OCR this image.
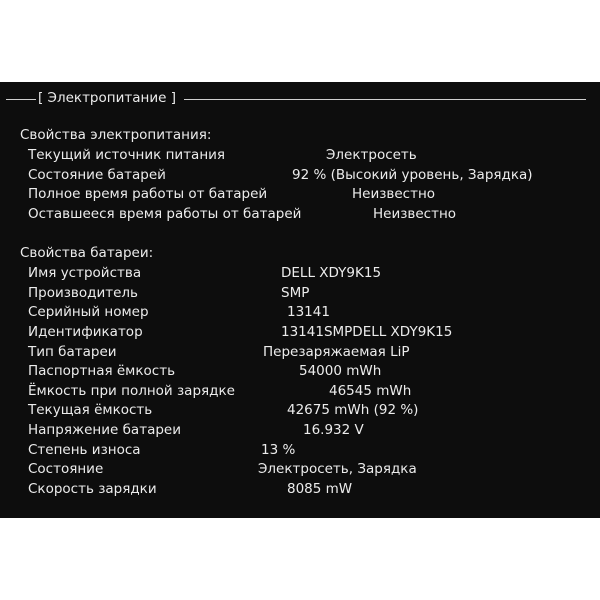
[ Электропитание ]
Свойства электропитания:
Текущий источник питания	Электросеть
Состояние батарей	92 % (Высокий уровень, Зарядка)
Полное время работы от батарей	Неизвестно
Оставшееся время работы от батарей	Неизвестно
Свойства батареи:
Имя устройства	DELL XDY9K15
Производитель	SMP
Серийный номер	13141
Идентификатор	13141SMPDELL XDY9K15
Тип батареи	Перезаряжаемая LiP
Паспортная ёмкость	54000 mWh
Ёмкость при полной зарядке	46545 mWh
Текущая ёмкость	42675 mWh (92 %)
Напряжение батареи	16.932 V
Степень износа	13 %
Состояние	Электросеть, Зарядка
Скорость зарядки	8085 mW
